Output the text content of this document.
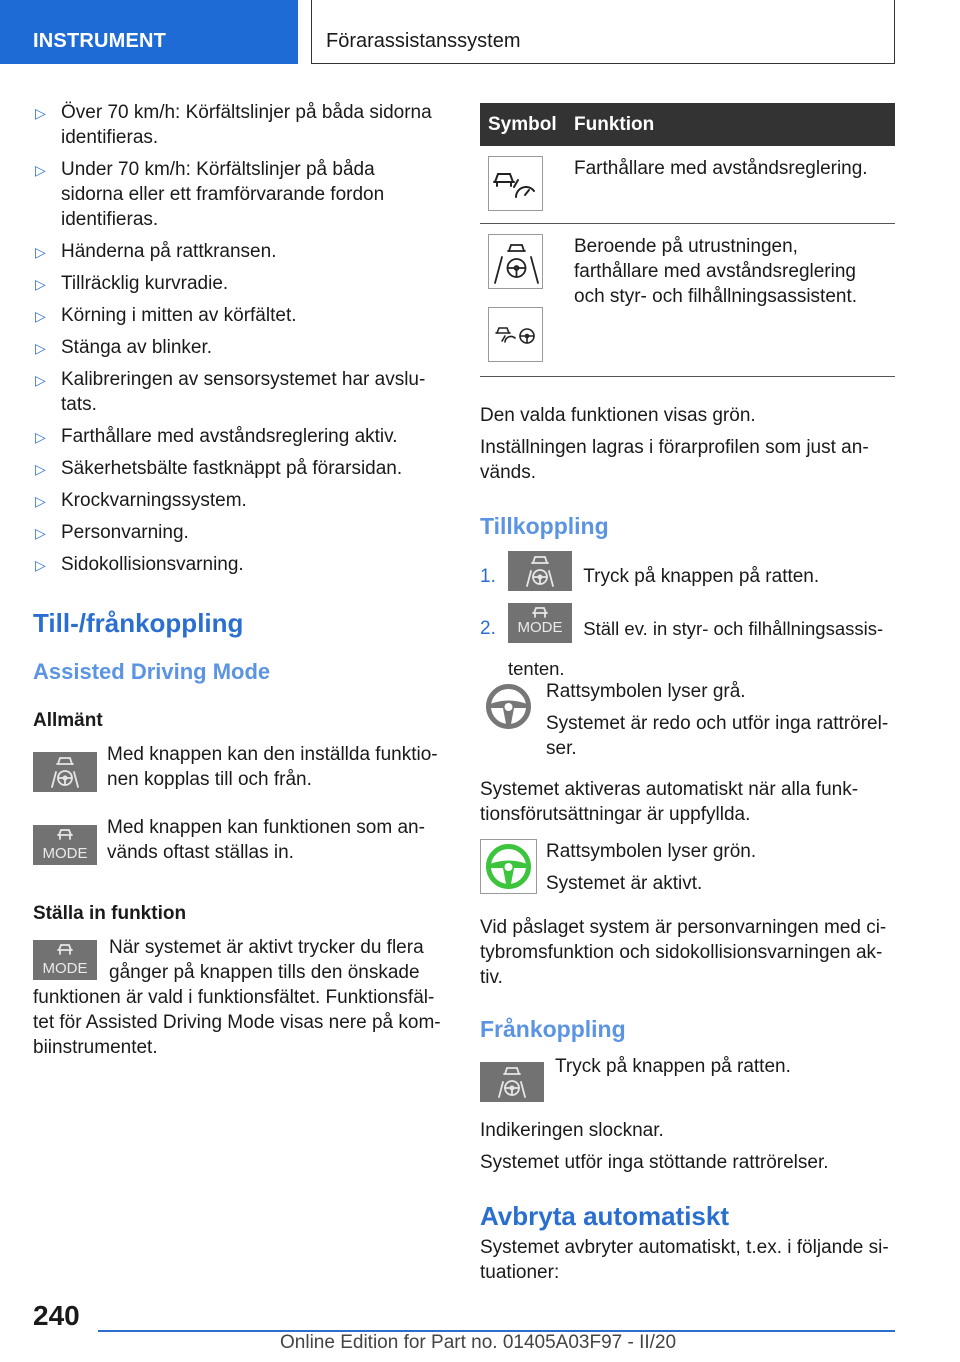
INSTRUMENT	Förarassistanssystem
▷ Över 70 km/h: Körfältslinjer på båda sidorna identifieras.
▷ Under 70 km/h: Körfältslinjer på båda sidorna eller ett framförvarande fordon identifieras.
▷ Händerna på rattkransen.
▷ Tillräcklig kurvradie.
▷ Körning i mitten av körfältet.
▷ Stänga av blinker.
▷ Kalibreringen av sensorsystemet har avslutats.
▷ Farthållare med avståndsreglering aktiv.
▷ Säkerhetsbälte fastknäppt på förarsidan.
▷ Krockvarningssystem.
▷ Personvarning.
▷ Sidokollisionsvarning.
Till-/frånkoppling
Assisted Driving Mode
Allmänt

Med knappen kan den inställda funktionen kopplas till och från.

MODE

Med knappen kan funktionen som används oftast ställas in.

Ställa in funktion
MODE

När systemet är aktivt trycker du flera gånger på knappen tills den önskade funktionen är vald i funktionsfältet. Funktionsfältet för Assisted Driving Mode visas nere på kombiinstrumentet.

Symbol	Funktion

	Farthållare med avståndsreglering.

	Beroende på utrustningen, farthållare med avståndsreglering och styr- och filhållningsassistent.

Den valda funktionen visas grön.

Inställningen lagras i förarprofilen som just används.

Tillkoppling
1.	Tryck på knappen på ratten.
2.	MODE	Ställ ev. in styr- och filhållningsassistenten.

Rattsymbolen lyser grå.

Systemet är redo och utför inga rattrörelser.

Systemet aktiveras automatiskt när alla funktionsförutsättningar är uppfyllda.

Rattsymbolen lyser grön.

Systemet är aktivt.

Vid påslaget system är personvarningen med citybromsfunktion och sidokollisionsvarningen aktiv.

Frånkoppling

Tryck på knappen på ratten.

Indikeringen slocknar.

Systemet utför inga stöttande rattrörelser.

Avbryta automatiskt

Systemet avbryter automatiskt, t.ex. i följande situationer:

240
Online Edition for Part no. 01405A03F97 - II/20
